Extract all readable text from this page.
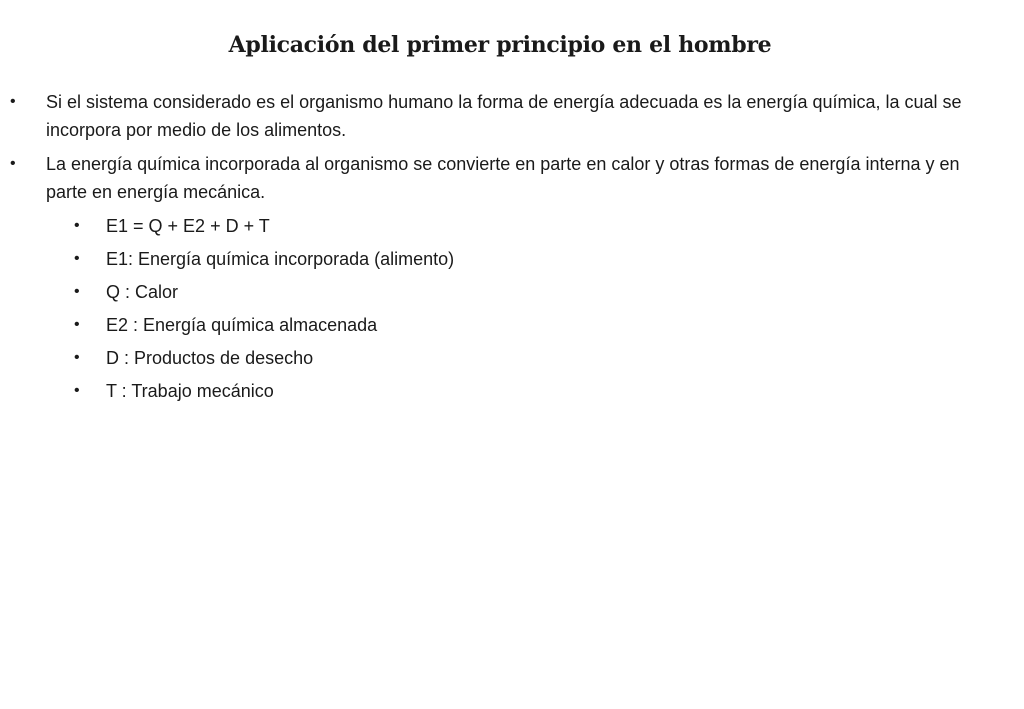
Aplicación del primer principio en el hombre
• Si el sistema considerado es el organismo humano la forma de energía adecuada es la energía química, la cual se incorpora por medio de los alimentos.
• La energía química incorporada al organismo se convierte en parte en calor y otras formas de energía interna y en parte en energía mecánica.
• E1 = Q + E2 + D + T
• E1: Energía química incorporada (alimento)
• Q : Calor
• E2 : Energía química almacenada
• D : Productos de desecho
• T : Trabajo mecánico
